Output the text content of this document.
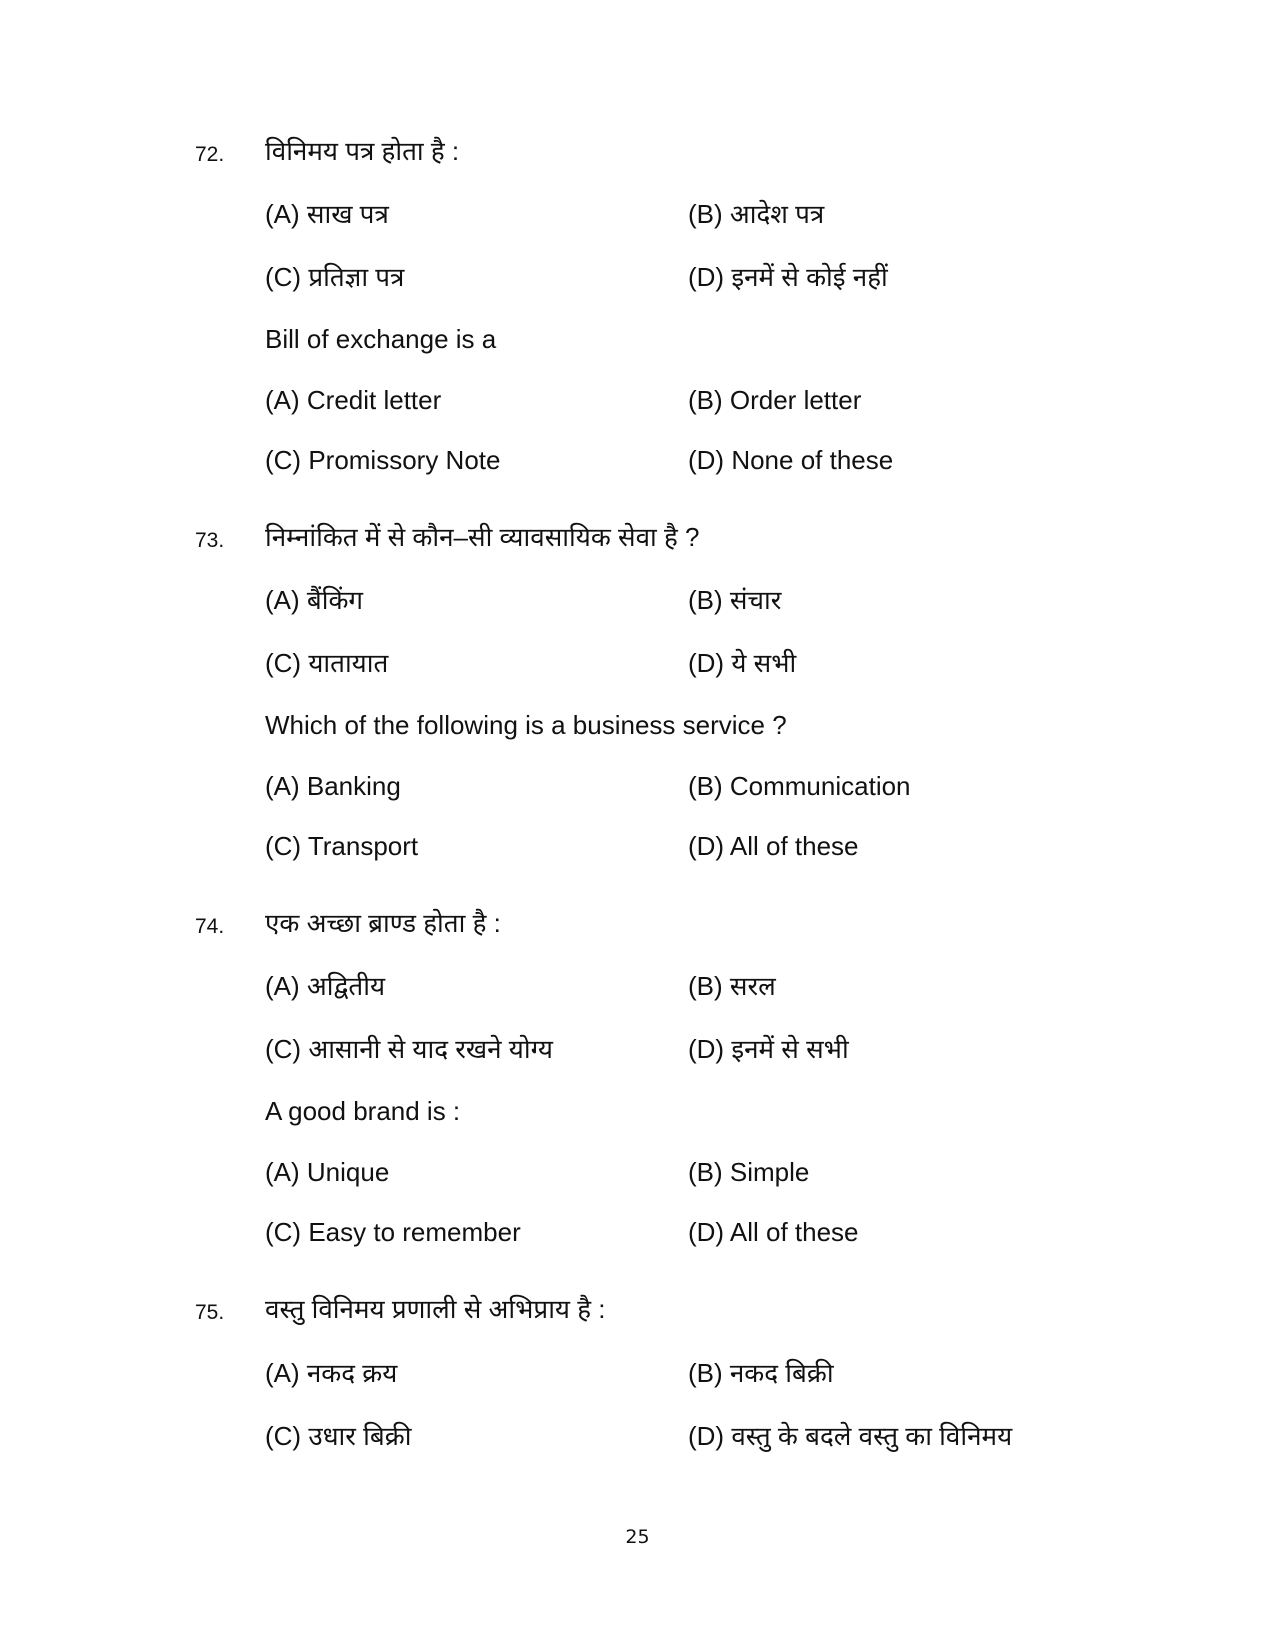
72. विनिमय पत्र होता है :
(A) साख पत्र	(B) आदेश पत्र
(C) प्रतिज्ञा पत्र	(D) इनमें से कोई नहीं
Bill of exchange is a
(A) Credit letter	(B) Order letter
(C) Promissory Note	(D) None of these
73. निम्नांकित में से कौन–सी व्यावसायिक सेवा है ?
(A) बैंकिंग	(B) संचार
(C) यातायात	(D) ये सभी
Which of the following is a business service ?
(A) Banking	(B) Communication
(C) Transport	(D) All of these
74. एक अच्छा ब्राण्ड होता है :
(A) अद्वितीय	(B) सरल
(C) आसानी से याद रखने योग्य	(D) इनमें से सभी
A good brand is :
(A) Unique	(B) Simple
(C) Easy to remember	(D) All of these
75. वस्तु विनिमय प्रणाली से अभिप्राय है :
(A) नकद क्रय	(B) नकद बिक्री
(C) उधार बिक्री	(D) वस्तु के बदले वस्तु का विनिमय
25
